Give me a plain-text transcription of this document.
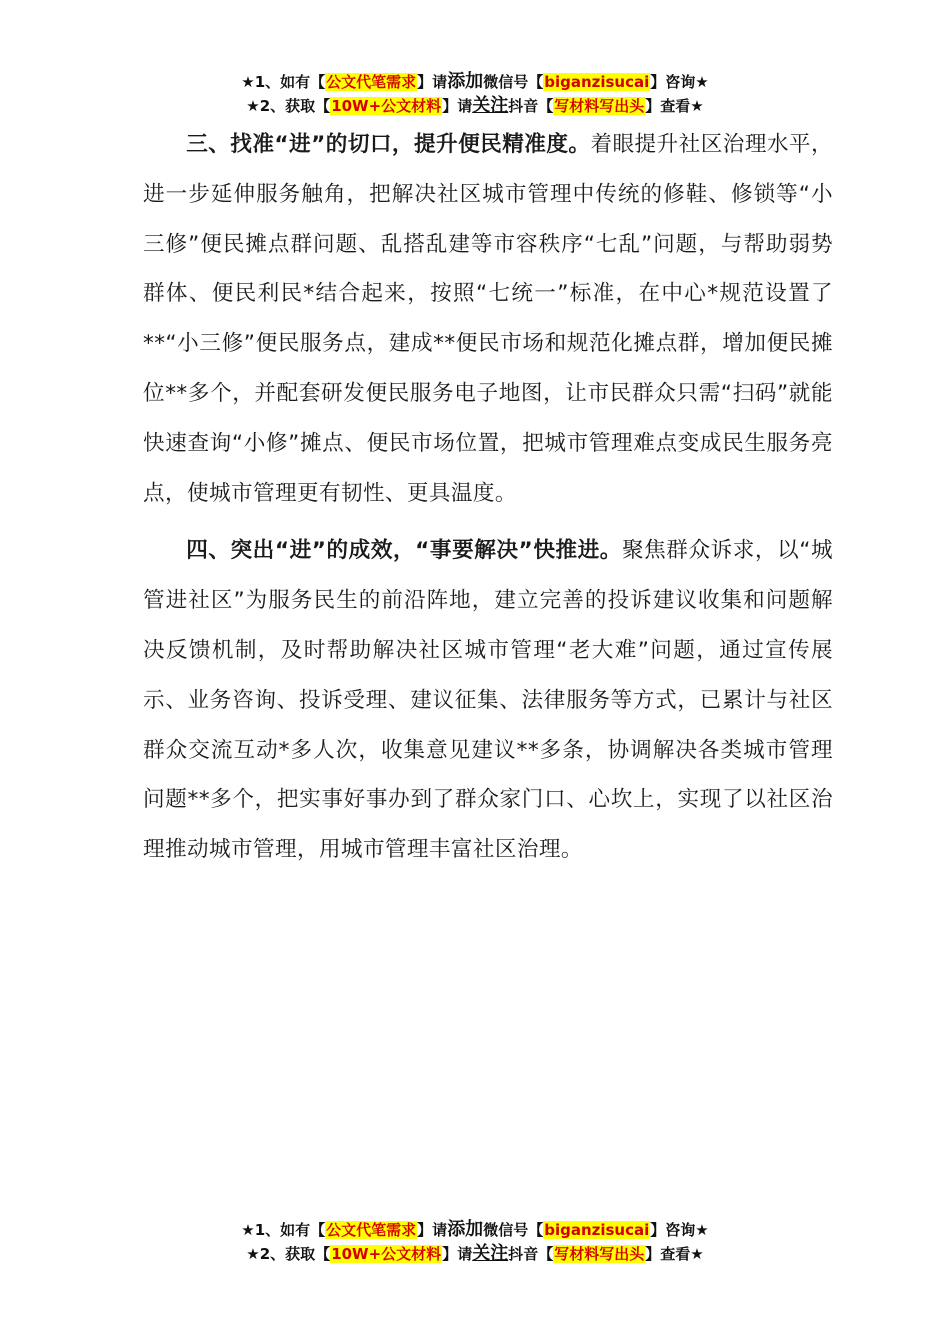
★1、如有【公文代笔需求】请添加微信号【biganzisucai】咨询★
★2、获取【10W+公文材料】请关注抖音【写材料写出头】查看★

三、找准“进”的切口，提升便民精准度。着眼提升社区治理水平，进一步延伸服务触角，把解决社区城市管理中传统的修鞋、修锁等“小三修”便民摊点群问题、乱搭乱建等市容秩序“七乱”问题，与帮助弱势群体、便民利民*结合起来，按照“七统一”标准，在中心*规范设置了**“小三修”便民服务点，建成**便民市场和规范化摊点群，增加便民摊位**多个，并配套研发便民服务电子地图，让市民群众只需“扫码”就能快速查询“小修”摊点、便民市场位置，把城市管理难点变成民生服务亮点，使城市管理更有韧性、更具温度。

四、突出“进”的成效，“事要解决”快推进。聚焦群众诉求，以“城管进社区”为服务民生的前沿阵地，建立完善的投诉建议收集和问题解决反馈机制，及时帮助解决社区城市管理“老大难”问题，通过宣传展示、业务咨询、投诉受理、建议征集、法律服务等方式，已累计与社区群众交流互动*多人次，收集意见建议**多条，协调解决各类城市管理问题**多个，把实事好事办到了群众家门口、心坎上，实现了以社区治理推动城市管理，用城市管理丰富社区治理。

★1、如有【公文代笔需求】请添加微信号【biganzisucai】咨询★
★2、获取【10W+公文材料】请关注抖音【写材料写出头】查看★
